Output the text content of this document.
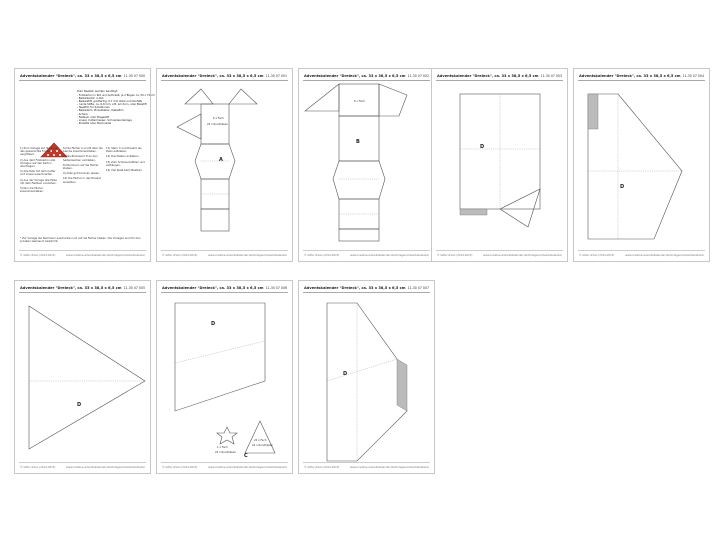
Adventskalender "Dreieck", ca. 33 x 38,5 x 6,5 cm 11-30 07 000
Zum Basteln werden benötigt:
- Fotokarton in Rot und Anthrazit, je 2 Bogen ca. 50 x 70 cm
- Bastelkarton in Rot
- Bastelstift, goldfarbig, 0,7 mm stark und Konfetti
- runde Stifte, ca. 6-8 mm, z.B. am Korn. oder Bleistift
- Tesafilm für Schablonen
- Bastelleim, Pinselkleber, Klebefilm
- Schere
- Falzbein oder Prägestift
- Lineal, Cuttermesser, Schneideunterlage
- Pinzette oder Stecknadel

1) Zum Vorlage auf die B auf das gewünschte Format vergrößern.

2) Aus dem Fotokarton alle Vorlagen auf den Karton übertragen.

3) Alle Teile mit dem Cutter und Lineal ausschneiden.

4) Aus der Vorlage alle Falze mit dem Falzbein vorziehen.

5) Nun die Fächer zusammenkleben.

6) Die Fächer A und B über die Lasche zusammenkleben.

7) Die Rückwand D an den Seitenlaschen verkleben.

8) Nummern auf die Fächer kleben.

9) Alles gut trocknen lassen.

10) Die Fächer in das Dreieck einsetzen.

11) Stern C und Dreieck als Deko aufkleben.

12) Rundhaken ankleben.

13) Zum Schluss befüllen und aufhängen.

14) Viel Spaß beim Basteln!

* Zur Vorlage die Nummern ausdrucken und auf die Fächer kleben. Die Vorlagen sind für den privaten Gebrauch bestimmt.
© Gitte Urban (2014-2015)	www.creative-adventskalender.de/Vorlagen/Adventskalender
Adventskalender "Dreieck", ca. 33 x 38,5 x 6,5 cm 11-30 07 001
A
6 x Fach
24 x Rundhaken
© Gitte Urban (2014-2015)	www.creative-adventskalender.de/Vorlagen/Adventskalender
Adventskalender "Dreieck", ca. 33 x 38,5 x 6,5 cm 11-30 07 002
B
6 x Fach
© Gitte Urban (2014-2015)	www.creative-adventskalender.de/Vorlagen/Adventskalender
Adventskalender "Dreieck", ca. 33 x 38,5 x 6,5 cm 11-30 07 003
D
© Gitte Urban (2014-2015)	www.creative-adventskalender.de/Vorlagen/Adventskalender
Adventskalender "Dreieck", ca. 33 x 38,5 x 6,5 cm 11-30 07 004
D
© Gitte Urban (2014-2015)	www.creative-adventskalender.de/Vorlagen/Adventskalender
Adventskalender "Dreieck", ca. 33 x 38,5 x 6,5 cm 11-30 07 005
D
© Gitte Urban (2014-2015)	www.creative-adventskalender.de/Vorlagen/Adventskalender
Adventskalender "Dreieck", ca. 33 x 38,5 x 6,5 cm 11-30 07 006
D
1 x Fach
24 x Rundhaken
C
24 x Fach
24 x Rundhaken
© Gitte Urban (2014-2015)	www.creative-adventskalender.de/Vorlagen/Adventskalender
Adventskalender "Dreieck", ca. 33 x 38,5 x 6,5 cm 11-30 07 007
D
© Gitte Urban (2014-2015)	www.creative-adventskalender.de/Vorlagen/Adventskalender
